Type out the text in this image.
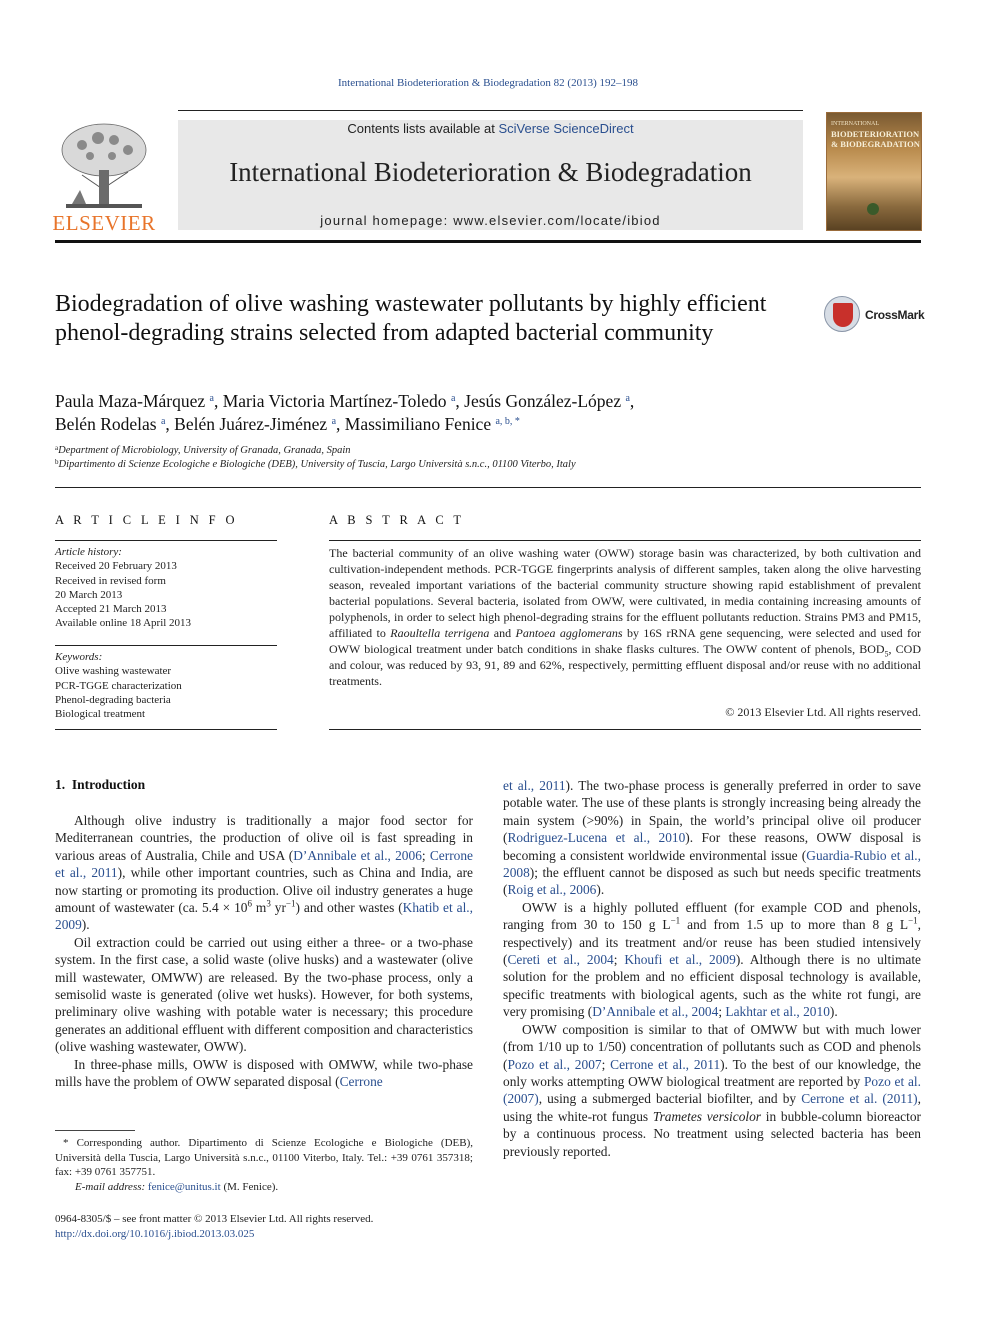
International Biodeterioration & Biodegradation 82 (2013) 192–198
ELSEVIER
Contents lists available at SciVerse ScienceDirect
International Biodeterioration & Biodegradation
journal homepage: www.elsevier.com/locate/ibiod
INTERNATIONAL
BIODETERIORATION & BIODEGRADATION
Biodegradation of olive washing wastewater pollutants by highly efficient phenol-degrading strains selected from adapted bacterial community
CrossMark
Paula Maza-Márquez $^a$, Maria Victoria Martínez-Toledo $^a$, Jesús González-López $^a$,
Belén Rodelas $^a$, Belén Juárez-Jiménez $^a$, Massimiliano Fenice $^{a, b, *}$
$^a$Department of Microbiology, University of Granada, Granada, Spain
$^b$Dipartimento di Scienze Ecologiche e Biologiche (DEB), University of Tuscia, Largo Università s.n.c., 01100 Viterbo, Italy
A R T I C L E I N F O
Article history:
Received 20 February 2013
Received in revised form
20 March 2013
Accepted 21 March 2013
Available online 18 April 2013
Keywords:
Olive washing wastewater
PCR-TGGE characterization
Phenol-degrading bacteria
Biological treatment
A B S T R A C T
The bacterial community of an olive washing water (OWW) storage basin was characterized, by both cultivation and cultivation-independent methods. PCR-TGGE fingerprints analysis of different samples, taken along the olive harvesting season, revealed important variations of the bacterial community structure showing rapid establishment of prevalent bacterial populations. Several bacteria, isolated from OWW, were cultivated, in media containing increasing amounts of polyphenols, in order to select high phenol-degrading strains for the effluent pollutants reduction. Strains PM3 and PM15, affiliated to Raoultella terrigena and Pantoea agglomerans by 16S rRNA gene sequencing, were selected and used for OWW biological treatment under batch conditions in shake flasks cultures. The OWW content of phenols, $BOD_5$, COD and colour, was reduced by 93, 91, 89 and 62%, respectively, permitting effluent disposal and/or reuse with no additional treatments.
© 2013 Elsevier Ltd. All rights reserved.
1.  Introduction

Although olive industry is traditionally a major food sector for Mediterranean countries, the production of olive oil is fast spreading in various areas of Australia, Chile and USA (D’Annibale et al., 2006; Cerrone et al., 2011), while other important countries, such as China and India, are now starting or promoting its production. Olive oil industry generates a huge amount of wastewater (ca. $5.4 \times 10^6$ $m^3$ $yr^{-1}$) and other wastes (Khatib et al., 2009).

Oil extraction could be carried out using either a three- or a two-phase system. In the first case, a solid waste (olive husks) and a wastewater (olive mill wastewater, OMWW) are released. By the two-phase process, only a semisolid waste is generated (olive wet husks). However, for both systems, preliminary olive washing with potable water is necessary; this procedure generates an additional effluent with different composition and characteristics (olive washing wastewater, OWW).

In three-phase mills, OWW is disposed with OMWW, while two-phase mills have the problem of OWW separated disposal (Cerrone

et al., 2011). The two-phase process is generally preferred in order to save potable water. The use of these plants is strongly increasing being already the main system (>90%) in Spain, the world’s principal olive oil producer (Rodriguez-Lucena et al., 2010). For these reasons, OWW disposal is becoming a consistent worldwide environmental issue (Guardia-Rubio et al., 2008); the effluent cannot be disposed as such but needs specific treatments (Roig et al., 2006).

OWW is a highly polluted effluent (for example COD and phenols, ranging from 30 to 150 g $L^{-1}$ and from 1.5 up to more than 8 g $L^{-1}$, respectively) and its treatment and/or reuse has been studied intensively (Cereti et al., 2004; Khoufi et al., 2009). Although there is no ultimate solution for the problem and no efficient disposal technology is available, specific treatments with biological agents, such as the white rot fungi, are very promising (D’Annibale et al., 2004; Lakhtar et al., 2010).

OWW composition is similar to that of OMWW but with much lower (from 1/10 up to 1/50) concentration of pollutants such as COD and phenols (Pozo et al., 2007; Cerrone et al., 2011). To the best of our knowledge, the only works attempting OWW biological treatment are reported by Pozo et al. (2007), using a submerged bacterial biofilter, and by Cerrone et al. (2011), using the white-rot fungus Trametes versicolor in bubble-column bioreactor by a continuous process. No treatment using selected bacteria has been previously reported.

* Corresponding author. Dipartimento di Scienze Ecologiche e Biologiche (DEB), Università della Tuscia, Largo Università s.n.c., 01100 Viterbo, Italy. Tel.: +39 0761 357318; fax: +39 0761 357751.
E-mail address: fenice@unitus.it (M. Fenice).
0964-8305/$ – see front matter © 2013 Elsevier Ltd. All rights reserved.
http://dx.doi.org/10.1016/j.ibiod.2013.03.025
